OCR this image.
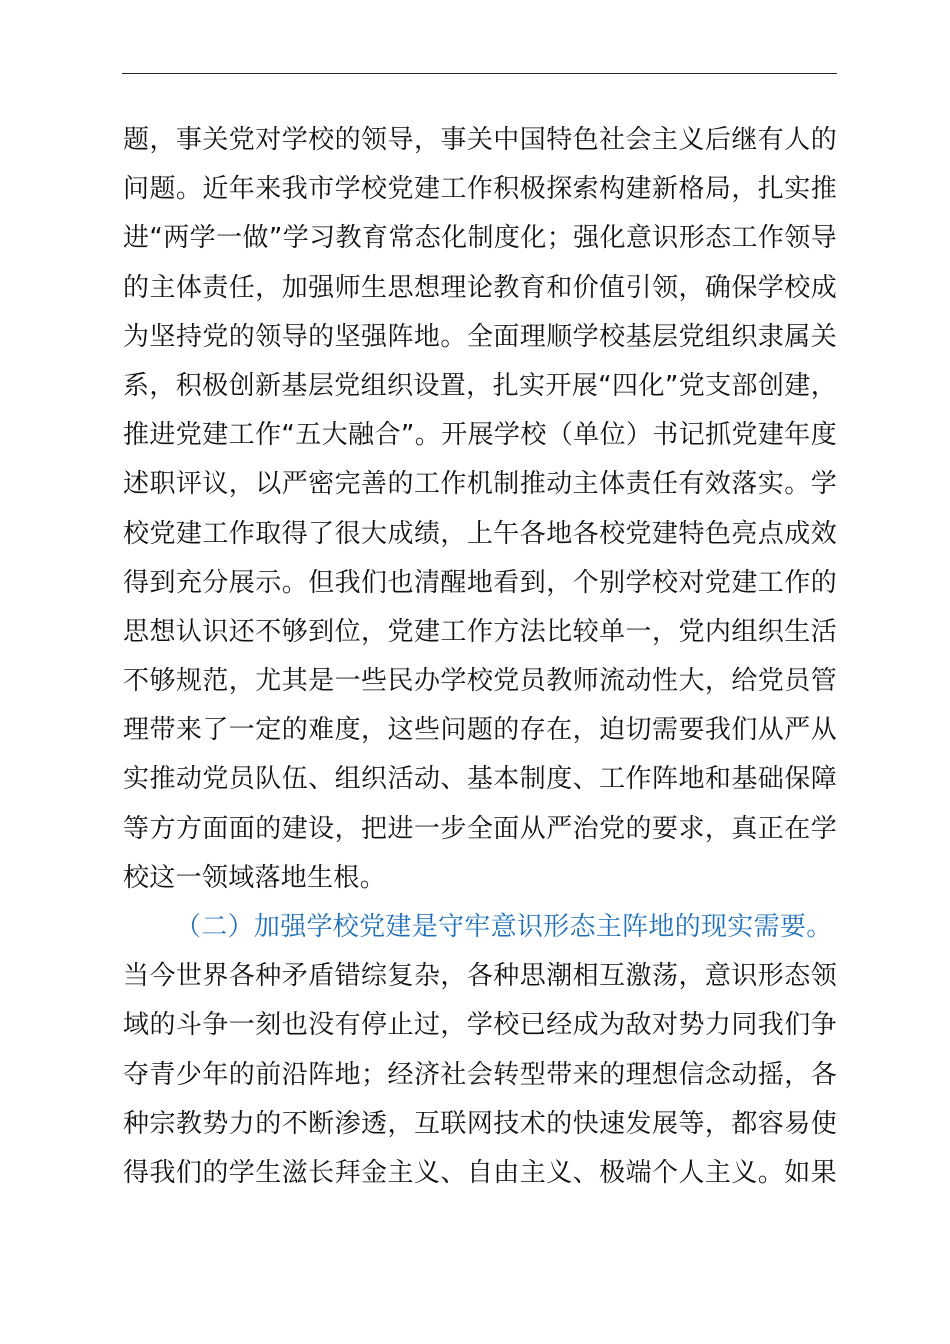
题，事关党对学校的领导，事关中国特色社会主义后继有人的
问题。近年来我市学校党建工作积极探索构建新格局，扎实推
进“两学一做”学习教育常态化制度化；强化意识形态工作领导
的主体责任，加强师生思想理论教育和价值引领，确保学校成
为坚持党的领导的坚强阵地。全面理顺学校基层党组织隶属关
系，积极创新基层党组织设置，扎实开展“四化”党支部创建，
推进党建工作“五大融合”。开展学校（单位）书记抓党建年度
述职评议，以严密完善的工作机制推动主体责任有效落实。学
校党建工作取得了很大成绩，上午各地各校党建特色亮点成效
得到充分展示。但我们也清醒地看到，个别学校对党建工作的
思想认识还不够到位，党建工作方法比较单一，党内组织生活
不够规范，尤其是一些民办学校党员教师流动性大，给党员管
理带来了一定的难度，这些问题的存在，迫切需要我们从严从
实推动党员队伍、组织活动、基本制度、工作阵地和基础保障
等方方面面的建设，把进一步全面从严治党的要求，真正在学
校这一领域落地生根。
（二）加强学校党建是守牢意识形态主阵地的现实需要。
当今世界各种矛盾错综复杂，各种思潮相互激荡，意识形态领
域的斗争一刻也没有停止过，学校已经成为敌对势力同我们争
夺青少年的前沿阵地；经济社会转型带来的理想信念动摇，各
种宗教势力的不断渗透，互联网技术的快速发展等，都容易使
得我们的学生滋长拜金主义、自由主义、极端个人主义。如果
